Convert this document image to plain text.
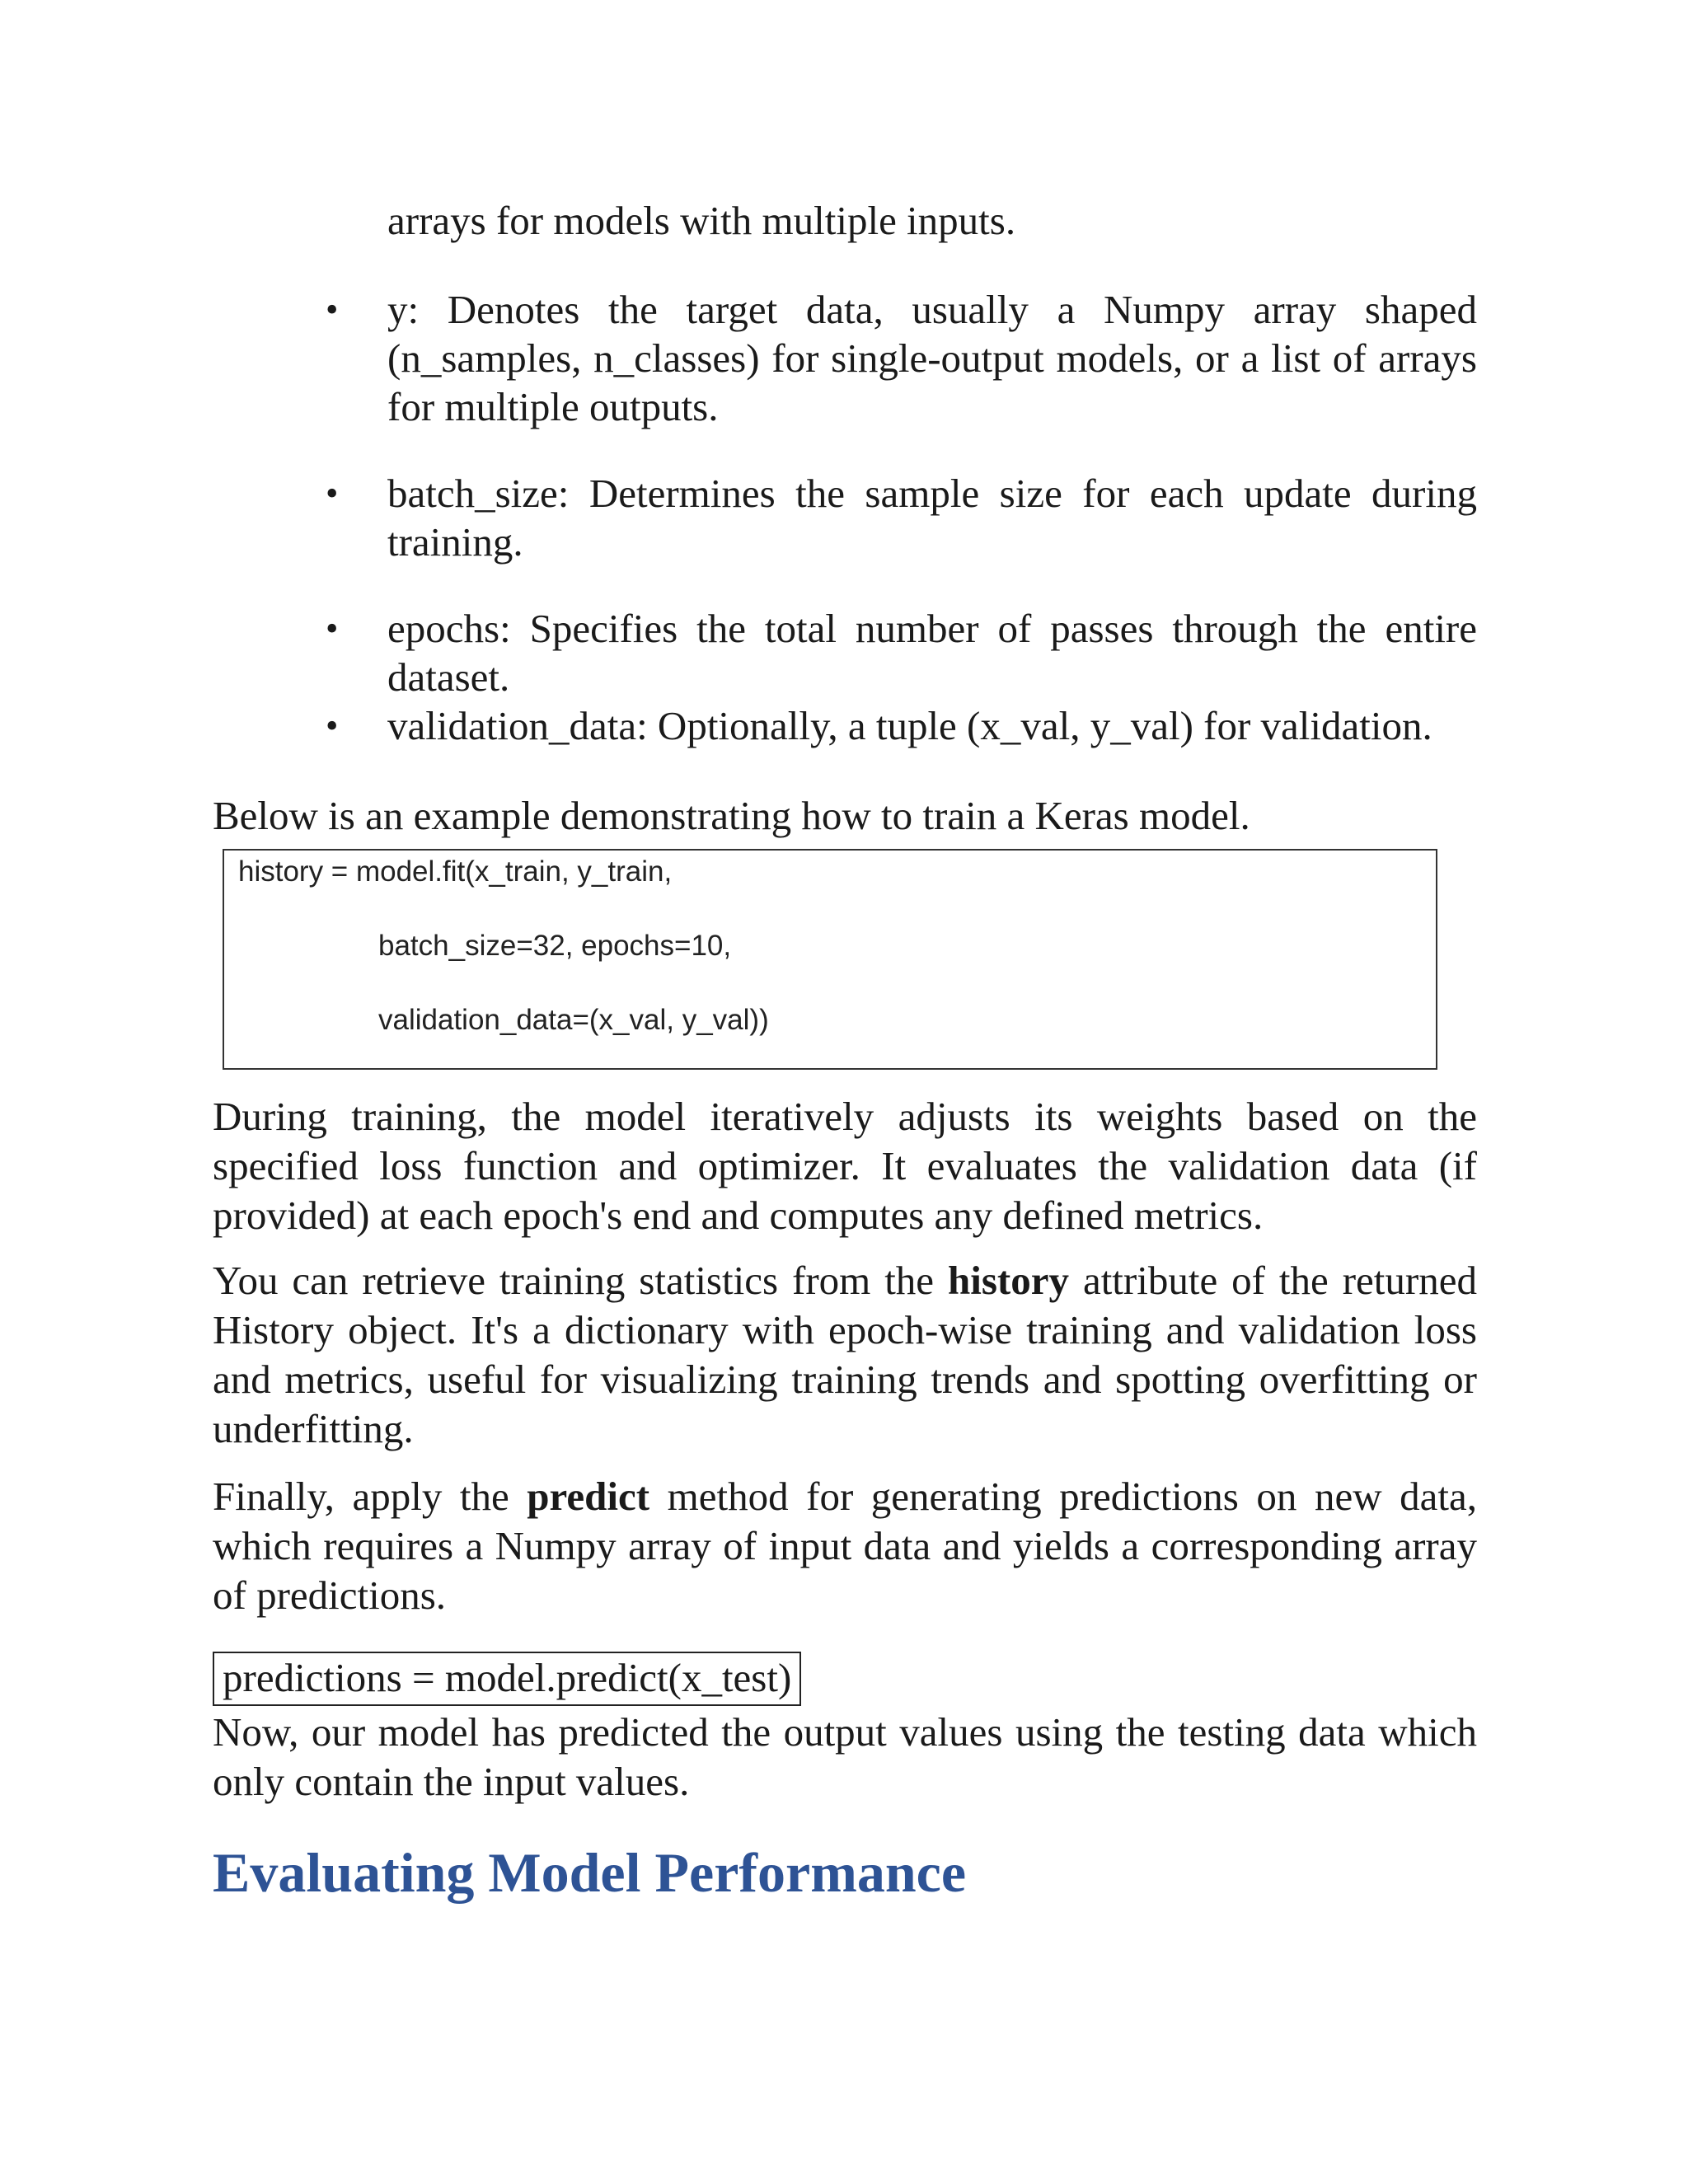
arrays for models with multiple inputs.
• y: Denotes the target data, usually a Numpy array shaped (n_samples, n_classes) for single-output models, or a list of arrays for multiple outputs.
• batch_size: Determines the sample size for each update during training.
• epochs: Specifies the total number of passes through the entire dataset.
• validation_data: Optionally, a tuple (x_val, y_val) for validation.
Below is an example demonstrating how to train a Keras model.
history = model.fit(x_train, y_train,
batch_size=32, epochs=10,
validation_data=(x_val, y_val))
During training, the model iteratively adjusts its weights based on the specified loss function and optimizer. It evaluates the validation data (if provided) at each epoch's end and computes any defined metrics.
You can retrieve training statistics from the history attribute of the returned History object. It's a dictionary with epoch-wise training and validation loss and metrics, useful for visualizing training trends and spotting overfitting or underfitting.
Finally, apply the predict method for generating predictions on new data, which requires a Numpy array of input data and yields a corresponding array of predictions.
predictions = model.predict(x_test)
Now, our model has predicted the output values using the testing data which only contain the input values.
Evaluating Model Performance
